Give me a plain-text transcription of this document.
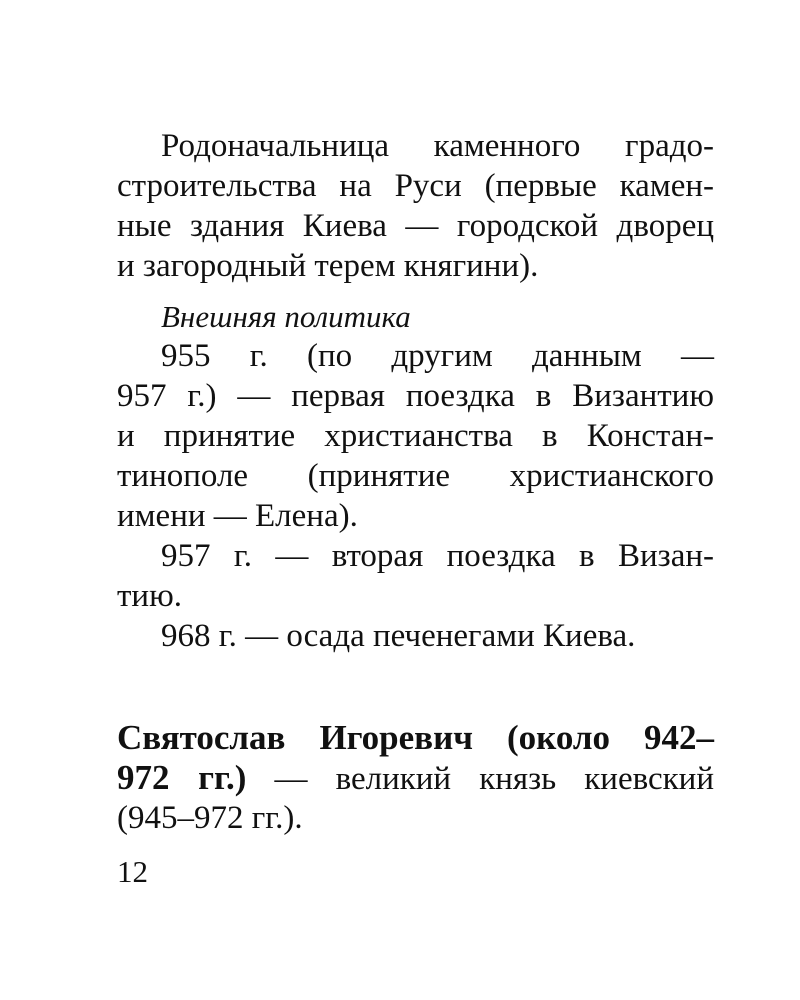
Родоначальница каменного градо-
строительства на Руси (первые камен-
ные здания Киева — городской дворец
и загородный терем княгини).
Внешняя политика
955 г. (по другим данным —
957 г.) — первая поездка в Византию
и принятие христианства в Констан-
тинополе (принятие христианского
имени — Елена).
957 г. — вторая поездка в Визан-
тию.
968 г. — осада печенегами Киева.
Святослав Игоревич (около 942–
972 гг.) — великий князь киевский
(945–972 гг.).
12
